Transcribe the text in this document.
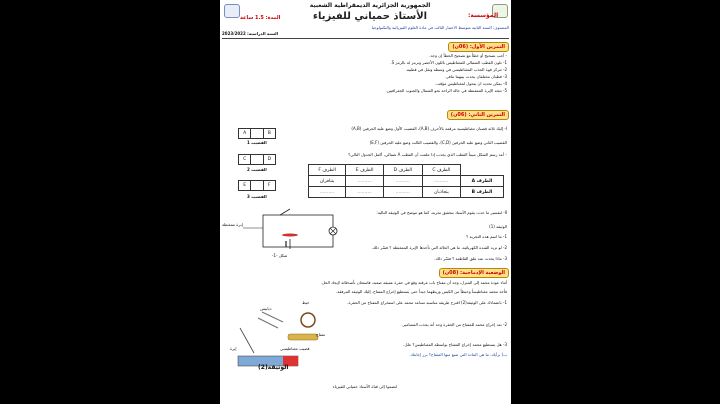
الجمهورية الجزائرية الديمقراطية الشعبية
المؤسسة:
الأستاذ حمياني للفيزياء
المدة: 1.5 ساعة
المستوى: السنة الثانية متوسط الاختبار الثالث في مادة العلوم الفيزيائية والتكنولوجيا
السنة الدراسية: 2023/2022
التمرين الأول: (06ن)
- أجب بصحيح أو خطأ مع تصحيح الخطأ إن وجد.
1- تلون القطب الشمالي للمغناطيس باللون الأخضر ونرمز له بالرمز S.
2- تتركز قوة الجذب المغناطيسي في وسطه وتقل في قطبيه.
3- قطبان مختلفان يحدث بينهما تنافر.
4- يمكن تحديد ان يتحول لمغناطيس مؤقت.
5- تتجه الإبرة الممغنطة في حالة الراحة نحو الشمال والجنوب الجغرافيين.
التمرين الثاني: (06ن)
I- إليك ثلاثة قضبان مغناطيسية مرقمة بالأحرف (A,B)، القضيب الأول وضع عليه الحرفين (A,B)
القضيب الثاني وضع عليه الحرفين (C,D)، والقضيب الثالث وضع عليه الحرفين (E,F)
- أعد رسم الشكل مبيناً القطب الذي يجذب إذا علمت أن القطب A شمالي، أكمل الجدول التالي؟
A	B
القضيب 1
C	D
القضيب 2
E	F
القضيب 3
	الطرف C	الطرف D	الطرف E	الطرف F
الطرف A	..........	..........	..........	يتنافران
الطرف B	يتجاذبان	..........	..........	..........
II- لتفسير ما حدث يقوم الأستاذ بتحقيق تجربة، كما هو موضح في الوثيقة التالية:
الوثيقة (1)
1- ما اسم هذه التجربة ؟
2- لو تزيد الشدة الكهربائية، ما هي الحالة التي تأخذها الإبرة الممغنطة ؟ فسّر ذلك.
3- ماذا يحدث عند غلق القاطعة ؟ فسّر ذلك.
إبرة ممغنطة
شكل -1-
الوضعية الإدماجية: (08ن)
أثناء عودة محمد إلى المنزل، وجد أن مفتاح باب غرفته وقع في حفرة عميقة صعبة، فاستعان بأصدقائه لإيجاد الحل.
فأخذ محمد مغناطيساً وخيطاً من الكيس وربطهما جيداً حتى يستطيع إخراج المفتاح. إليك الوثيقة المرفقة.
خيط
دبابيس
قضيب مغناطيسي
إبرة
مفتاح
الوثيقة(2)
1- باعتمادك على الوثيقة(2) اقترح طريقة مناسبة تساعد محمد على استخراج المفتاح من الحفرة.
2- بعد إخراج محمد للمفتاح من الحفرة وجد أنه يجذب المسامير.
3- هل يستطيع محمد إخراج المفتاح بواسطة المغناطيس؟ علل.
ب) برأيك، ما هي المادة التي صنع منها المفتاح؟ برر إجابتك.
انضموا إلى قناة الأستاذ حمياني للفيزياء
